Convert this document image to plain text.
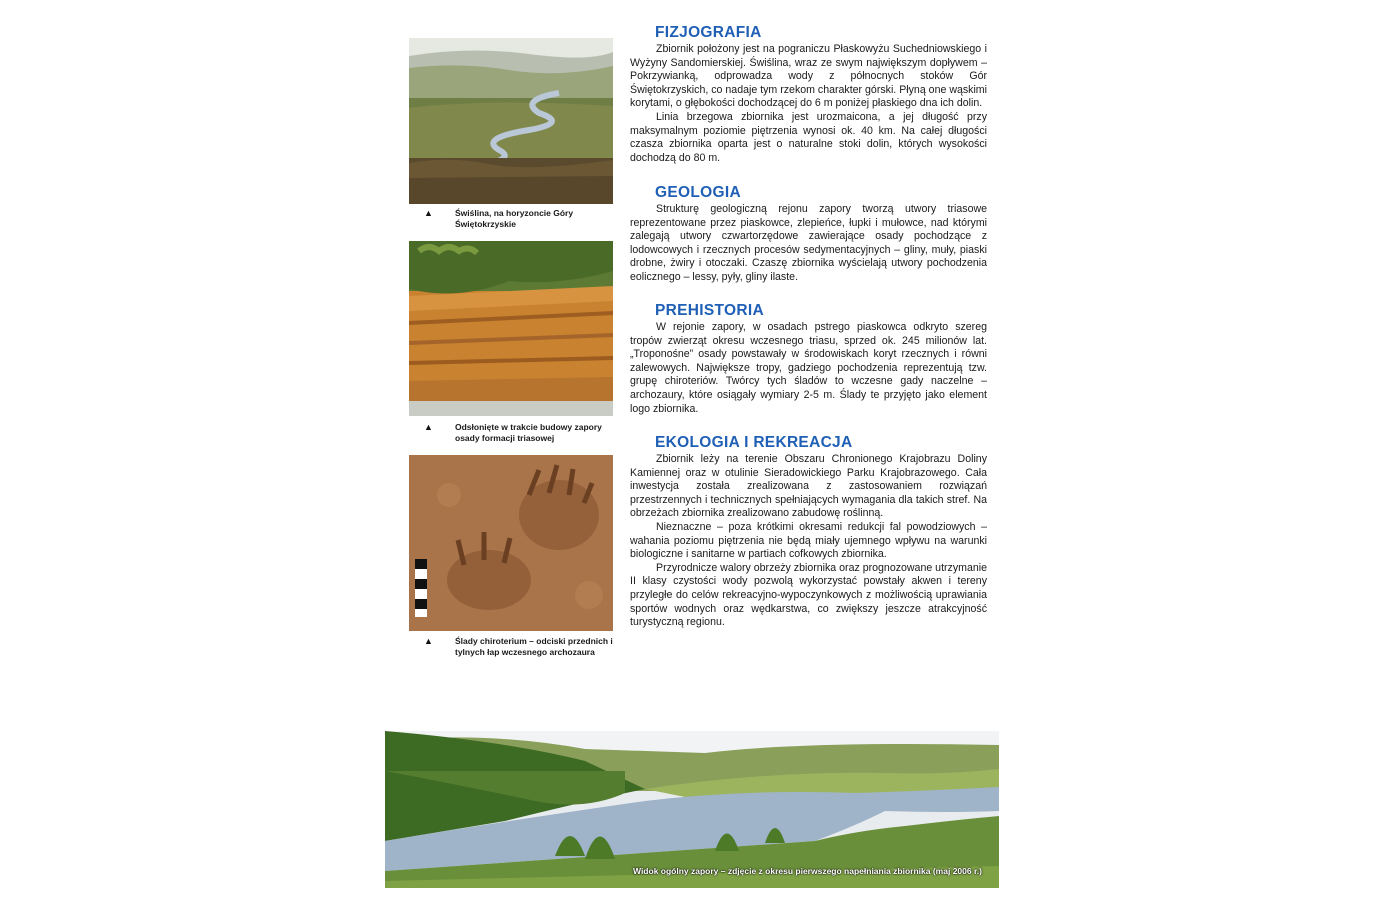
▲	Świślina, na horyzoncie Góry Świętokrzyskie
▲	Odsłonięte w trakcie budowy zapory osady formacji triasowej
▲	Ślady chiroterium – odciski przednich i tylnych łap wczesnego archozaura
FIZJOGRAFIA

Zbiornik położony jest na pograniczu Płaskowyżu Suchedniowskiego i Wyżyny Sandomierskiej. Świślina, wraz ze swym największym dopływem – Pokrzywianką, odprowadza wody z północnych stoków Gór Świętokrzyskich, co nadaje tym rzekom charakter górski. Płyną one wąskimi korytami, o głębokości dochodzącej do 6 m poniżej płaskiego dna ich dolin.

Linia brzegowa zbiornika jest urozmaicona, a jej długość przy maksymalnym poziomie piętrzenia wynosi ok. 40 km. Na całej długości czasza zbiornika oparta jest o naturalne stoki dolin, których wysokości dochodzą do 80 m.

GEOLOGIA

Strukturę geologiczną rejonu zapory tworzą utwory triasowe reprezentowane przez piaskowce, zlepieńce, łupki i mułowce, nad którymi zalegają utwory czwartorzędowe zawierające osady pochodzące z lodowcowych i rzecznych procesów sedymentacyjnych – gliny, muły, piaski drobne, żwiry i otoczaki. Czaszę zbiornika wyścielają utwory pochodzenia eolicznego – lessy, pyły, gliny ilaste.

PREHISTORIA

W rejonie zapory, w osadach pstrego piaskowca odkryto szereg tropów zwierząt okresu wczesnego triasu, sprzed ok. 245 milionów lat. „Troponośne” osady powstawały w środowiskach koryt rzecznych i równi zalewowych. Największe tropy, gadziego pochodzenia reprezentują tzw. grupę chiroteriów. Twórcy tych śladów to wczesne gady naczelne – archozaury, które osiągały wymiary 2-5 m. Ślady te przyjęto jako element logo zbiornika.

EKOLOGIA I REKREACJA

Zbiornik leży na terenie Obszaru Chronionego Krajobrazu Doliny Kamiennej oraz w otulinie Sieradowickiego Parku Krajobrazowego. Cała inwestycja została zrealizowana z zastosowaniem rozwiązań przestrzennych i technicznych spełniających wymagania dla takich stref. Na obrzeżach zbiornika zrealizowano zabudowę roślinną.

Nieznaczne – poza krótkimi okresami redukcji fal powodziowych – wahania poziomu piętrzenia nie będą miały ujemnego wpływu na warunki biologiczne i sanitarne w partiach cofkowych zbiornika.

Przyrodnicze walory obrzeży zbiornika oraz prognozowane utrzymanie II klasy czystości wody pozwolą wykorzystać powstały akwen i tereny przyległe do celów rekreacyjno-wypoczynkowych z możliwością uprawiania sportów wodnych oraz wędkarstwa, co zwiększy jeszcze atrakcyjność turystyczną regionu.

Widok ogólny zapory – zdjęcie z okresu pierwszego napełniania zbiornika (maj 2006 r.)
